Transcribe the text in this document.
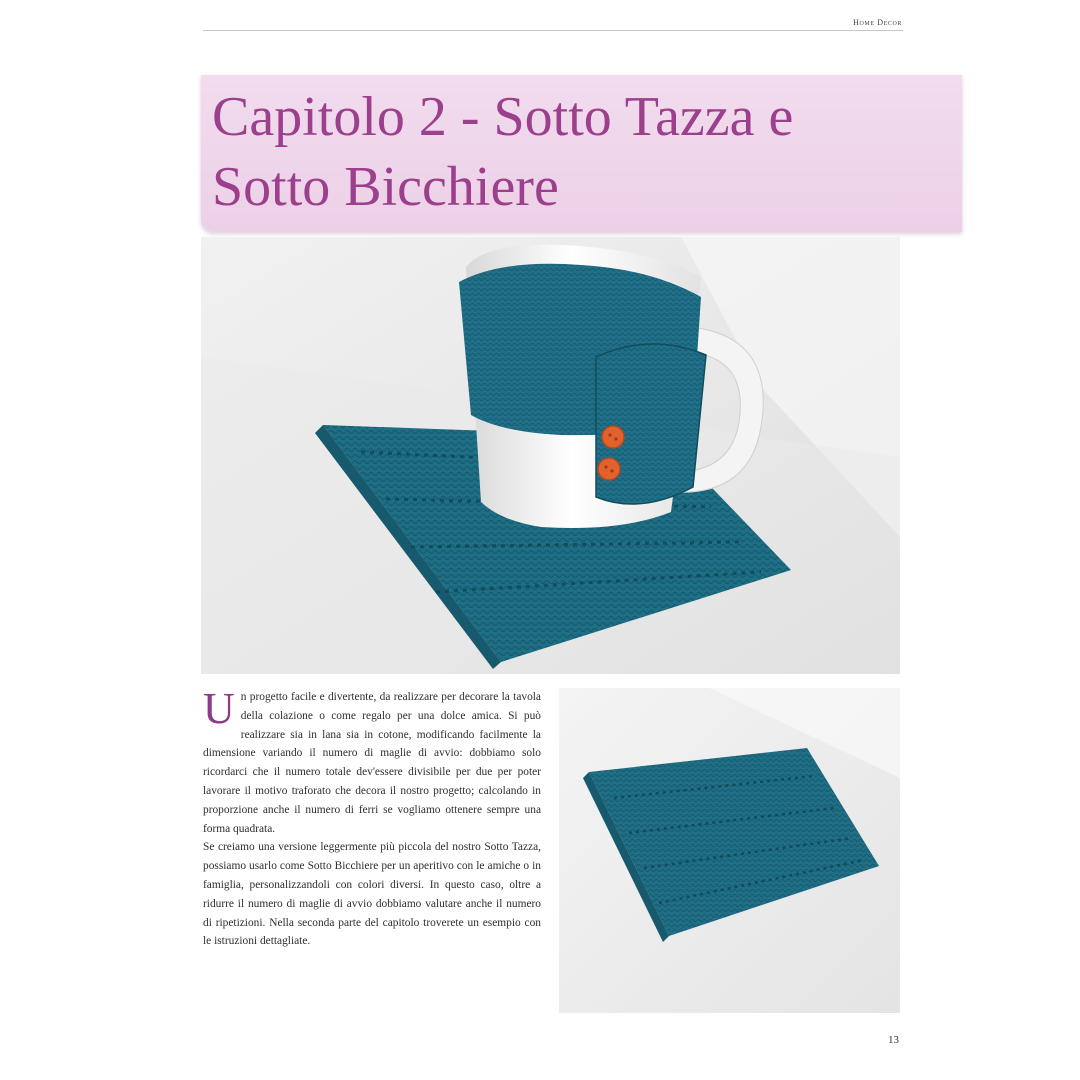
Home Decor
Capitolo 2 - Sotto Tazza e
Sotto Bicchiere

Un progetto facile e divertente, da realizzare per decorare la tavola della colazione o come regalo per una dolce amica. Si può realizzare sia in lana sia in cotone, modificando facilmente la dimensione variando il numero di maglie di avvio: dobbiamo solo ricordarci che il numero totale dev'essere divisibile per due per poter lavorare il motivo traforato che decora il nostro progetto; calcolando in proporzione anche il numero di ferri se vogliamo ottenere sempre una forma quadrata.

Se creiamo una versione leggermente più piccola del nostro Sotto Tazza, possiamo usarlo come Sotto Bicchiere per un aperitivo con le amiche o in famiglia, personalizzandoli con colori diversi. In questo caso, oltre a ridurre il numero di maglie di avvio dobbiamo valutare anche il numero di ripetizioni. Nella seconda parte del capitolo troverete un esempio con le istruzioni dettagliate.

13
